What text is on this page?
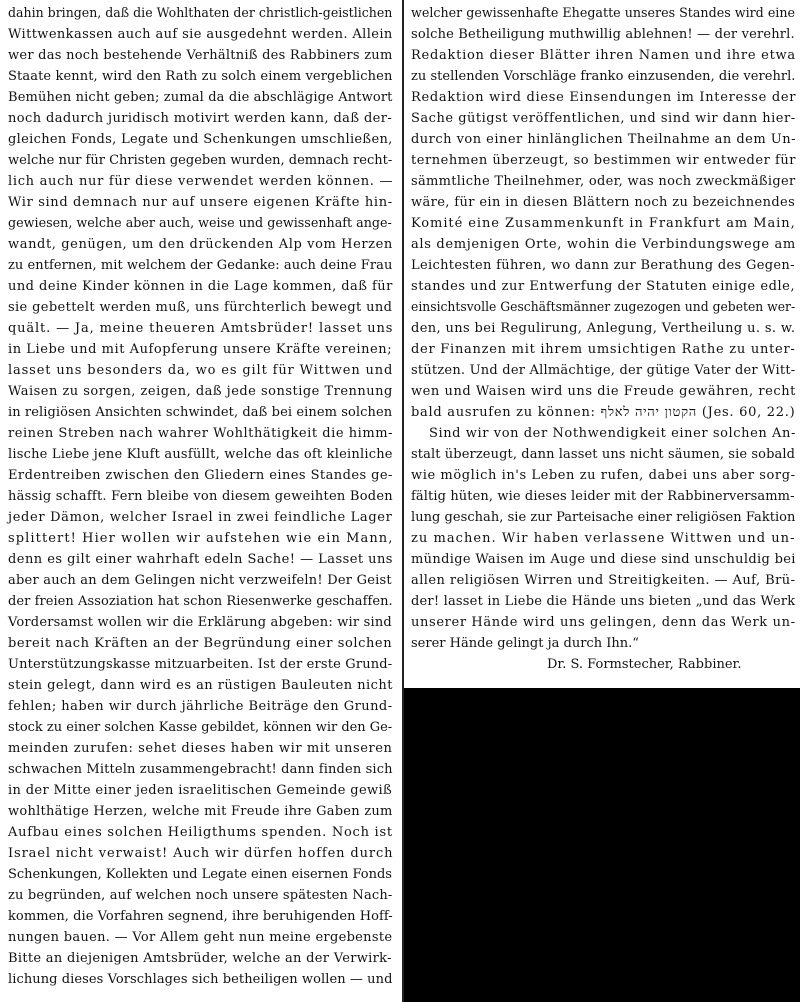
dahin bringen, daß die Wohlthaten der christlich-geistlichen
Wittwenkassen auch auf sie ausgedehnt werden. Allein
wer das noch bestehende Verhältniß des Rabbiners zum
Staate kennt, wird den Rath zu solch einem vergeblichen
Bemühen nicht geben; zumal da die abschlägige Antwort
noch dadurch juridisch motivirt werden kann, daß der-
gleichen Fonds, Legate und Schenkungen umschließen,
welche nur für Christen gegeben wurden, demnach recht-
lich auch nur für diese verwendet werden können. —
Wir sind demnach nur auf unsere eigenen Kräfte hin-
gewiesen, welche aber auch, weise und gewissenhaft ange-
wandt, genügen, um den drückenden Alp vom Herzen
zu entfernen, mit welchem der Gedanke: auch deine Frau
und deine Kinder können in die Lage kommen, daß für
sie gebettelt werden muß, uns fürchterlich bewegt und
quält. — Ja, meine theueren Amtsbrüder! lasset uns
in Liebe und mit Aufopferung unsere Kräfte vereinen;
lasset uns besonders da, wo es gilt für Wittwen und
Waisen zu sorgen, zeigen, daß jede sonstige Trennung
in religiösen Ansichten schwindet, daß bei einem solchen
reinen Streben nach wahrer Wohlthätigkeit die himm-
lische Liebe jene Kluft ausfüllt, welche das oft kleinliche
Erdentreiben zwischen den Gliedern eines Standes ge-
hässig schafft. Fern bleibe von diesem geweihten Boden
jeder Dämon, welcher Israel in zwei feindliche Lager
splittert! Hier wollen wir aufstehen wie ein Mann,
denn es gilt einer wahrhaft edeln Sache! — Lasset uns
aber auch an dem Gelingen nicht verzweifeln! Der Geist
der freien Assoziation hat schon Riesenwerke geschaffen.
Vordersamst wollen wir die Erklärung abgeben: wir sind
bereit nach Kräften an der Begründung einer solchen
Unterstützungskasse mitzuarbeiten. Ist der erste Grund-
stein gelegt, dann wird es an rüstigen Bauleuten nicht
fehlen; haben wir durch jährliche Beiträge den Grund-
stock zu einer solchen Kasse gebildet, können wir den Ge-
meinden zurufen: sehet dieses haben wir mit unseren
schwachen Mitteln zusammengebracht! dann finden sich
in der Mitte einer jeden israelitischen Gemeinde gewiß
wohlthätige Herzen, welche mit Freude ihre Gaben zum
Aufbau eines solchen Heiligthums spenden. Noch ist
Israel nicht verwaist! Auch wir dürfen hoffen durch
Schenkungen, Kollekten und Legate einen eisernen Fonds
zu begründen, auf welchen noch unsere spätesten Nach-
kommen, die Vorfahren segnend, ihre beruhigenden Hoff-
nungen bauen. — Vor Allem geht nun meine ergebenste
Bitte an diejenigen Amtsbrüder, welche an der Verwirk-
lichung dieses Vorschlages sich betheiligen wollen — und
welcher gewissenhafte Ehegatte unseres Standes wird eine
solche Betheiligung muthwillig ablehnen! — der verehrl.
Redaktion dieser Blätter ihren Namen und ihre etwa
zu stellenden Vorschläge franko einzusenden, die verehrl.
Redaktion wird diese Einsendungen im Interesse der
Sache gütigst veröffentlichen, und sind wir dann hier-
durch von einer hinlänglichen Theilnahme an dem Un-
ternehmen überzeugt, so bestimmen wir entweder für
sämmtliche Theilnehmer, oder, was noch zweckmäßiger
wäre, für ein in diesen Blättern noch zu bezeichnendes
Komité eine Zusammenkunft in Frankfurt am Main,
als demjenigen Orte, wohin die Verbindungswege am
Leichtesten führen, wo dann zur Berathung des Gegen-
standes und zur Entwerfung der Statuten einige edle,
einsichtsvolle Geschäftsmänner zugezogen und gebeten wer-
den, uns bei Regulirung, Anlegung, Vertheilung u. s. w.
der Finanzen mit ihrem umsichtigen Rathe zu unter-
stützen. Und der Allmächtige, der gütige Vater der Witt-
wen und Waisen wird uns die Freude gewähren, recht
bald ausrufen zu können: הקטון יהיה לאלף (Jes. 60, 22.)
Sind wir von der Nothwendigkeit einer solchen An-
stalt überzeugt, dann lasset uns nicht säumen, sie sobald
wie möglich in's Leben zu rufen, dabei uns aber sorg-
fältig hüten, wie dieses leider mit der Rabbinerversamm-
lung geschah, sie zur Parteisache einer religiösen Faktion
zu machen. Wir haben verlassene Wittwen und un-
mündige Waisen im Auge und diese sind unschuldig bei
allen religiösen Wirren und Streitigkeiten. — Auf, Brü-
der! lasset in Liebe die Hände uns bieten „und das Werk
unserer Hände wird uns gelingen, denn das Werk un-
serer Hände gelingt ja durch Ihn.“
Dr. S. Formstecher, Rabbiner.
